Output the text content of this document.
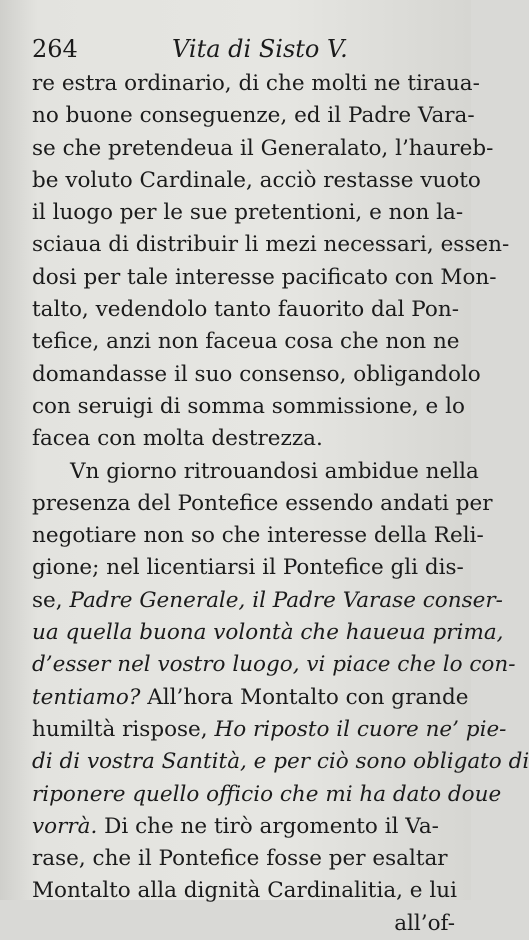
264	Vita di Sisto V.
re estra ordinario, di che molti ne tiraua-
no buone conseguenze, ed il Padre Vara-
se che pretendeua il Generalato, l’haureb-
be voluto Cardinale, acciò restasse vuoto
il luogo per le sue pretentioni, e non la-
sciaua di distribuir li mezi necessari, essen-
dosi per tale interesse pacificato con Mon-
talto, vedendolo tanto fauorito dal Pon-
tefice, anzi non faceua cosa che non ne
domandasse il suo consenso, obligandolo
con seruigi di somma sommissione, e lo
facea con molta destrezza.
Vn giorno ritrouandosi ambidue nella
presenza del Pontefice essendo andati per
negotiare non so che interesse della Reli-
gione; nel licentiarsi il Pontefice gli dis-
se, Padre Generale, il Padre Varase conser-
ua quella buona volontà che haueua prima,
d’esser nel vostro luogo, vi piace che lo con-
tentiamo? All’hora Montalto con grande
humiltà rispose, Ho riposto il cuore ne’ pie-
di di vostra Santità, e per ciò sono obligato di
riponere quello officio che mi ha dato doue
vorrà. Di che ne tirò argomento il Va-
rase, che il Pontefice fosse per esaltar
Montalto alla dignità Cardinalitia, e lui
all’of-
